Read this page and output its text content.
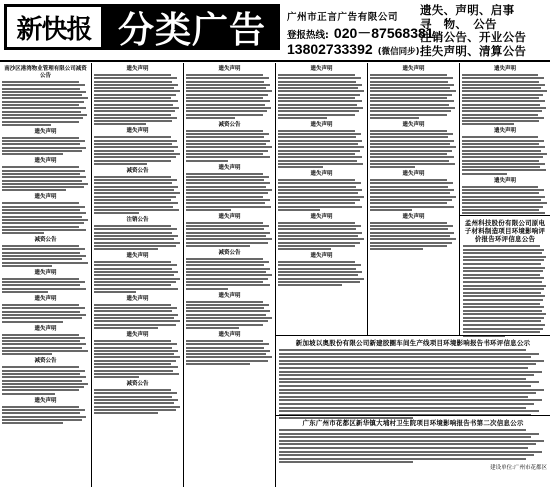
新快报 分类广告 广州市正言广告有限公司
登报热线: 020－87568381
13802733392 (微信同步)
遗失、声明、启事
寻　物、　公告
注销公告、开业公告
挂失声明、清算公告
南沙区港湾物业管理有限公司减资公告
遗失声明
遗失声明
遗失声明
减资公告
遗失声明
遗失声明
遗失声明
减资公告
遗失声明
遗失声明
遗失声明
减资公告
注销公告
遗失声明
遗失声明
遗失声明
减资公告
遗失声明
减资公告
遗失声明
遗失声明
减资公告
遗失声明
遗失声明
遗失声明
遗失声明
遗失声明
遗失声明
遗失声明
遗失声明
遗失声明
遗失声明
遗失声明
遗失声明
遗失声明
遗失声明
孟州科技股份有限公司原电子材料制造项目环境影响评价报告环评信息公告
新加坡以奥股份有限公司新建胶圈车间生产线项目环境影响报告书环评信息公示
广东广州市花都区新华镇大埔村卫生院项目环境影响报告书第二次信息公示
建设单位:广州市花都区
